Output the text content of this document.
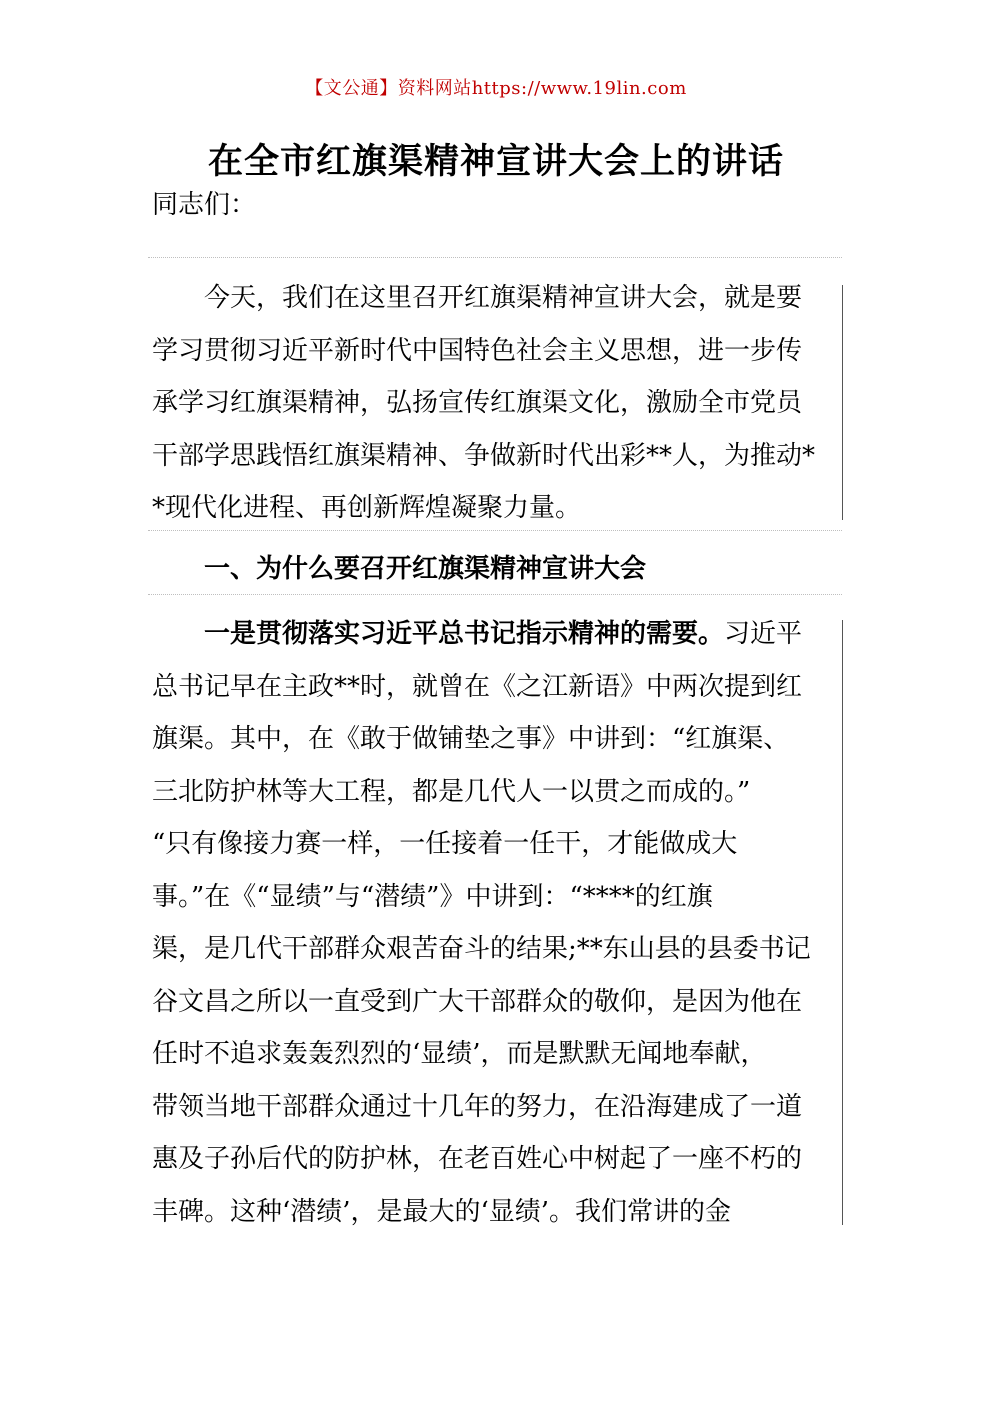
【文公通】资料网站https://www.19lin.com
在全市红旗渠精神宣讲大会上的讲话
同志们：
　　今天，我们在这里召开红旗渠精神宣讲大会，就是要
学习贯彻习近平新时代中国特色社会主义思想，进一步传
承学习红旗渠精神，弘扬宣传红旗渠文化，激励全市党员
干部学思践悟红旗渠精神、争做新时代出彩**人，为推动*
*现代化进程、再创新辉煌凝聚力量。
一、为什么要召开红旗渠精神宣讲大会
　　一是贯彻落实习近平总书记指示精神的需要。习近平
总书记早在主政**时，就曾在《之江新语》中两次提到红
旗渠。其中，在《敢于做铺垫之事》中讲到：“红旗渠、
三北防护林等大工程，都是几代人一以贯之而成的。”
“只有像接力赛一样，一任接着一任干，才能做成大
事。”在《“显绩”与“潜绩”》中讲到：“****的红旗
渠，是几代干部群众艰苦奋斗的结果;**东山县的县委书记
谷文昌之所以一直受到广大干部群众的敬仰，是因为他在
任时不追求轰轰烈烈的‘显绩’，而是默默无闻地奉献，
带领当地干部群众通过十几年的努力，在沿海建成了一道
惠及子孙后代的防护林，在老百姓心中树起了一座不朽的
丰碑。这种‘潜绩’，是最大的‘显绩’。我们常讲的金
